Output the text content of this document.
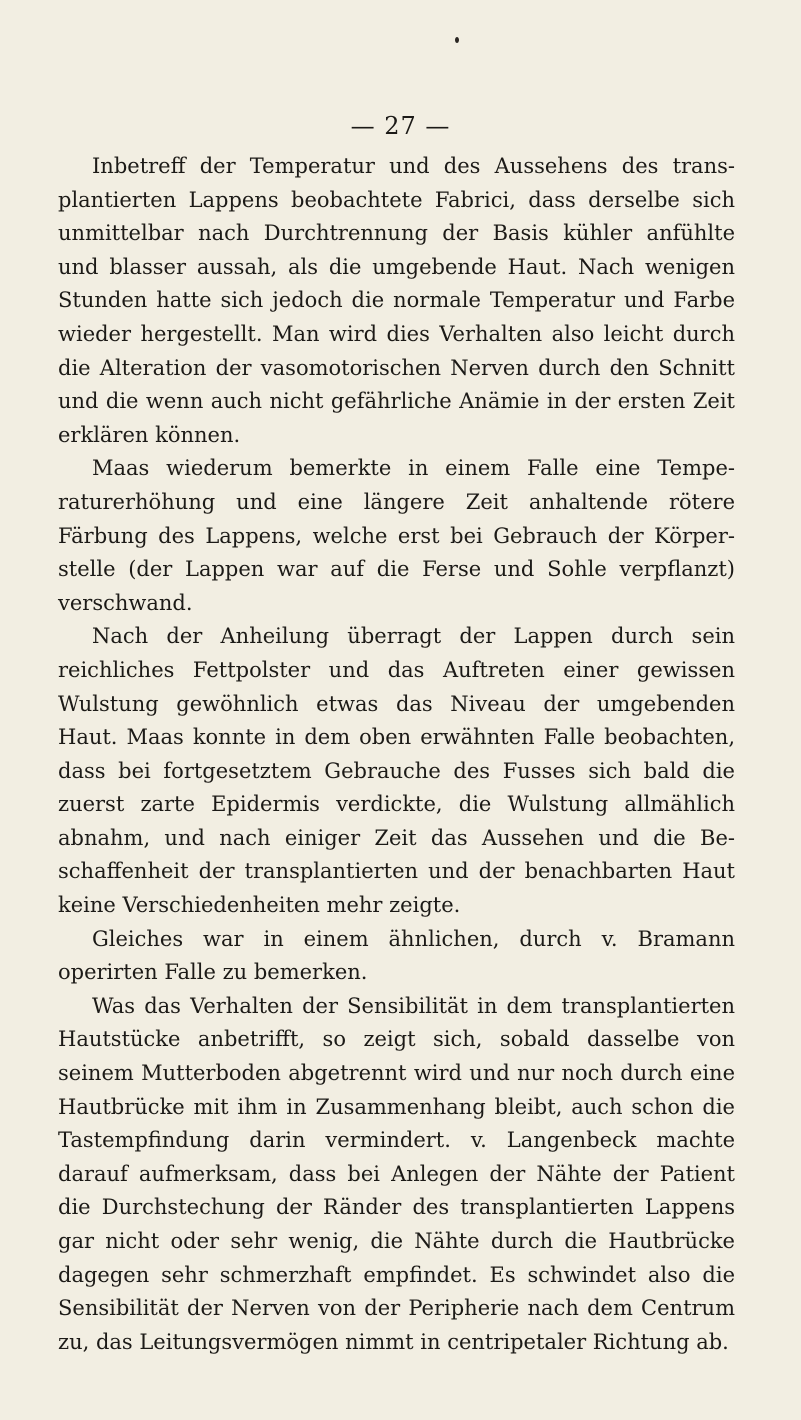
— 27 —

Inbetreff der Temperatur und des Aussehens des transplantierten Lappens beobachtete Fabrici, dass derselbe sich unmittelbar nach Durchtrennung der Basis kühler anfühlte und blasser aussah, als die umgebende Haut. Nach wenigen Stunden hatte sich jedoch die normale Temperatur und Farbe wieder hergestellt. Man wird dies Verhalten also leicht durch die Alteration der vasomotorischen Nerven durch den Schnitt und die wenn auch nicht gefährliche Anämie in der ersten Zeit erklären können.

Maas wiederum bemerkte in einem Falle eine Temperaturerhöhung und eine längere Zeit anhaltende rötere Färbung des Lappens, welche erst bei Gebrauch der Körperstelle (der Lappen war auf die Ferse und Sohle verpflanzt) verschwand.

Nach der Anheilung überragt der Lappen durch sein reichliches Fettpolster und das Auftreten einer gewissen Wulstung gewöhnlich etwas das Niveau der umgebenden Haut. Maas konnte in dem oben erwähnten Falle beobachten, dass bei fortgesetztem Gebrauche des Fusses sich bald die zuerst zarte Epidermis verdickte, die Wulstung allmählich abnahm, und nach einiger Zeit das Aussehen und die Beschaffenheit der transplantierten und der benachbarten Haut keine Verschiedenheiten mehr zeigte.

Gleiches war in einem ähnlichen, durch v. Bramann operirten Falle zu bemerken.

Was das Verhalten der Sensibilität in dem transplantierten Hautstücke anbetrifft, so zeigt sich, sobald dasselbe von seinem Mutterboden abgetrennt wird und nur noch durch eine Hautbrücke mit ihm in Zusammenhang bleibt, auch schon die Tastempfindung darin vermindert. v. Langenbeck machte darauf aufmerksam, dass bei Anlegen der Nähte der Patient die Durchstechung der Ränder des transplantierten Lappens gar nicht oder sehr wenig, die Nähte durch die Hautbrücke dagegen sehr schmerzhaft empfindet. Es schwindet also die Sensibilität der Nerven von der Peripherie nach dem Centrum zu, das Leitungsvermögen nimmt in centripetaler Richtung ab.
